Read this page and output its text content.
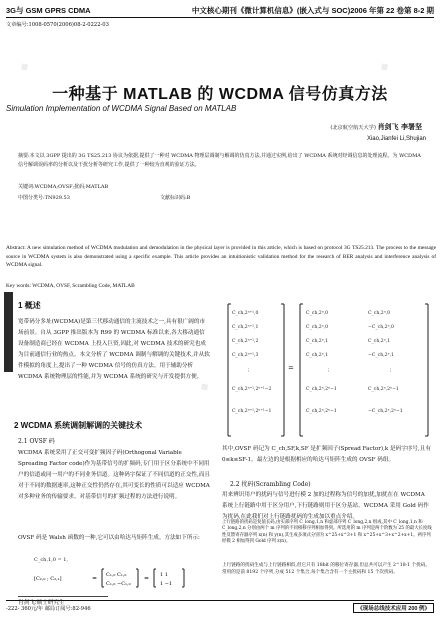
3G与 GSM GPRS CDMA	中文核心期刊《微计算机信息》(嵌入式与 SOC)2006 年第 22 卷第 8-2 期
文章编号:1008-0570(2006)08-2-0222-03
一种基于 MATLAB 的 WCDMA 信号仿真方法
Simulation Implementation of WCDMA Signal Based on MATLAB
(北京航空航天大学) 肖剑飞 李署坚
Xiao,Jianfei Li,Shujian
摘要:本文以 3GPP 提出的 3G TS25.213 协议为依据,提供了一种对 WCDMA 物理层调制与解调的仿真方法,并通过实例,给出了 WCDMA 系统对经调信息的处理流程。为 WCDMA 信号解调误码率的分析以及干扰分析等研究工作,提供了一种较为直观的验证方法。
关键词:WCDMA;OVSF;扰码;MATLAB
中图分类号:TN929.53	文献标识码:B
Abstract: A new simulation method of WCDMA modulation and demodulation in the physical layer is provided in this article, which is based on protocol 3G TS25.213. The process to the message source in WCDMA system is also demonstrated using a specific example. This article provides an intuitionistic validation method for the research of BER analysis and interference analysis of WCDMA signal.
Key words: WCDMA, OVSF, Scrambling Code, MATLAB
1 概述
宽带码分多址(WCDMA)是第三代移动通信的主流技术之一,具有很广阔的市场前景。自从 3GPP 推出版本为 R99 的 WCDMA 标准以来,各大移动通信设备制造商已经在 WCDMA 上投入巨资,因此,对 WCDMA 技术的研究也成为目前通信行业的热点。本文分析了 WCDMA 调制与解调的关键技术,并从软件模拟的角度上,提出了一种 WCDMA 信号的仿真方法。用于辅助分析 WCDMA 系统物理层的性能,并为 WCDMA 系统的研究与开发提供方便。
2 WCDMA 系统调制解调的关键技术
2.1 OVSF 码
WCDMA 系统采用了正交可变扩频因子码(Orthogonal Variable Spreading Factor code)作为基带信号的扩频码,专门用于区分系统中不同用户的信道或同一用户的不同业务信道。这种码字保证了不同信道的正交性,而且对于不同的数据速率,这种正交性仍然存在,其可变长的性质可以适应 WCDMA 对多种业务的传输要求。对基带信号的扩频过程的方法进行说明。
OVSF 码是 Walsh 函数的一种,它可以由哈达马矩阵生成。方法如下所示:
C_ch,1,0 = 1,
[C₂,₀ ; C₂,₁]	= C₁,₀ C₁,₀
C₁,₀ −C₁,₀
= 1 1
1 −1
肖剑飞:硕士研究生
C_ch,2ⁿ⁺¹,0
C_ch,2ⁿ⁺¹,1
C_ch,2ⁿ⁺¹,2
C_ch,2ⁿ⁺¹,3
⋮
C_ch,2ⁿ⁺¹,2ⁿ⁺¹−2
C_ch,2ⁿ⁺¹,2ⁿ⁺¹−1
=
C_ch,2ⁿ,0	C_ch,2ⁿ,0
C_ch,2ⁿ,0	−C_ch,2ⁿ,0
C_ch,2ⁿ,1	C_ch,2ⁿ,1
C_ch,2ⁿ,1	−C_ch,2ⁿ,1
⋮	⋮
C_ch,2ⁿ,2ⁿ−1	C_ch,2ⁿ,2ⁿ−1
C_ch,2ⁿ,2ⁿ−1	−C_ch,2ⁿ,2ⁿ−1
其中,OVSF 码记为 C_ch,SF,k,SF 是扩频因子(Spread Factor),k 是码字序号,且有 0≤k≤SF-1。最左边的是根据相应的哈达马矩阵生成的 OVSF 码组。
2.2 扰码(Scrambling Code)
用来辨识用户的扰码与信号进行模 2 加的过程称为信号的加扰,加扰在在 WCDMA 系统上行链路中用于区分用户,下行链路则用于区分基站。WCDMA 采用 Gold 码作为扰码,在此我们对上行链路扰码的生成加以重点介绍。
上行链路的扰码是复值长码,由实部序列 C_long,1,n 和虚部序列 C_long,2,n 组成,其中 C_long,1,n 和 C_long,2,n 分别由两个 m 序列的不同相移序列相加得到。所选用的 m 序列是两个阶数为 25 的最大长度线性反馈寄存器序列 x(n) 和 y(n),其生成多项式分别为 x^25+x^3+1 和 x^25+x^3+x^2+x+1。两序列经模 2 相加得到 Gold 序列 z(n)。
上行链路的扰码生成与上行链路相似,但它只有 18bit 的移位寄存器,但总共可以产生 2^18-1 个扰码。常用的是前 8192 个序列,分成 512 个集合,每个集合含有一个主扰码和 15 个次扰码。
◆	◆
◆
-222- 360元/年 邮局订阅号:82-946	《现场总线技术应用 200 例》
